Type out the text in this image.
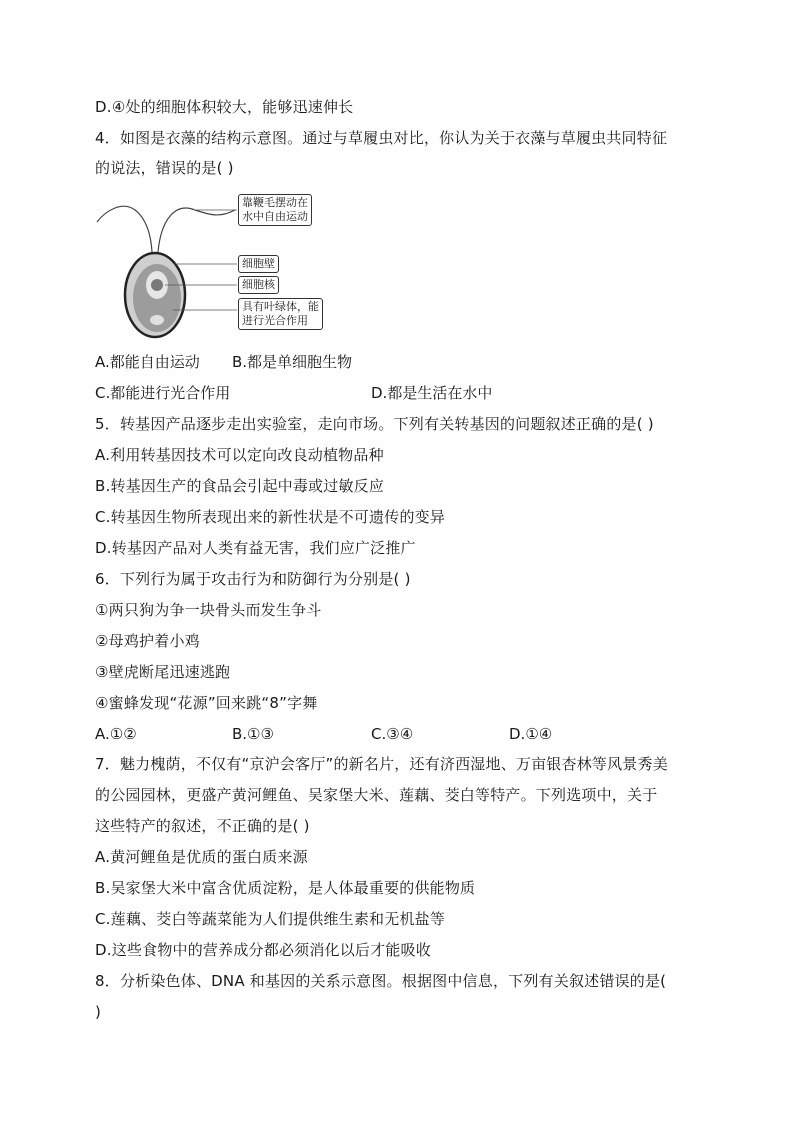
D.④处的细胞体积较大，能够迅速伸长
4．如图是衣藻的结构示意图。通过与草履虫对比，你认为关于衣藻与草履虫共同特征
的说法，错误的是( )
靠鞭毛摆动在
水中自由运动
细胞壁
细胞核
具有叶绿体，能
进行光合作用
A.都能自由运动 B.都是单细胞生物
C.都能进行光合作用	D.都是生活在水中
5．转基因产品逐步走出实验室，走向市场。下列有关转基因的问题叙述正确的是( )
A.利用转基因技术可以定向改良动植物品种
B.转基因生产的食品会引起中毒或过敏反应
C.转基因生物所表现出来的新性状是不可遗传的变异
D.转基因产品对人类有益无害，我们应广泛推广
6．下列行为属于攻击行为和防御行为分别是( )
①两只狗为争一块骨头而发生争斗
②母鸡护着小鸡
③壁虎断尾迅速逃跑
④蜜蜂发现“花源”回来跳“8”字舞
A.①②	B.①③	C.③④	D.①④
7．魅力槐荫，不仅有“京沪会客厅”的新名片，还有济西湿地、万亩银杏林等风景秀美
的公园园林，更盛产黄河鲤鱼、吴家堡大米、莲藕、茭白等特产。下列选项中，关于
这些特产的叙述，不正确的是( )
A.黄河鲤鱼是优质的蛋白质来源
B.吴家堡大米中富含优质淀粉，是人体最重要的供能物质
C.莲藕、茭白等蔬菜能为人们提供维生素和无机盐等
D.这些食物中的营养成分都必须消化以后才能吸收
8．分析染色体、DNA 和基因的关系示意图。根据图中信息，下列有关叙述错误的是(
)
